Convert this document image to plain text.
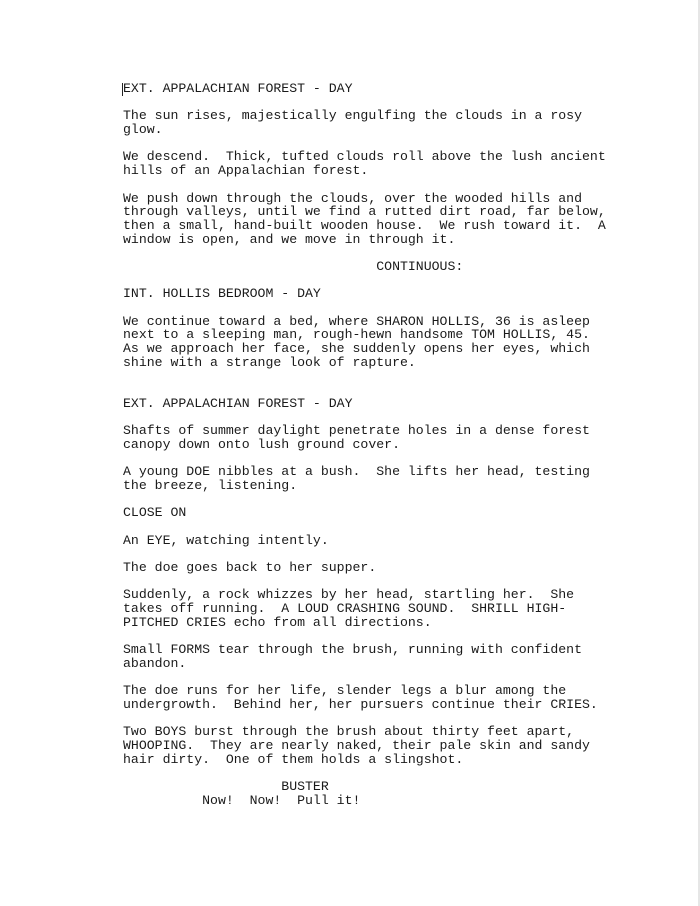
EXT. APPALACHIAN FOREST - DAY
The sun rises, majestically engulfing the clouds in a rosy
glow.
We descend.  Thick, tufted clouds roll above the lush ancient
hills of an Appalachian forest.
We push down through the clouds, over the wooded hills and
through valleys, until we find a rutted dirt road, far below,
then a small, hand-built wooden house.  We rush toward it.  A
window is open, and we move in through it.
CONTINUOUS:
INT. HOLLIS BEDROOM - DAY
We continue toward a bed, where SHARON HOLLIS, 36 is asleep
next to a sleeping man, rough-hewn handsome TOM HOLLIS, 45.
As we approach her face, she suddenly opens her eyes, which
shine with a strange look of rapture.
EXT. APPALACHIAN FOREST - DAY
Shafts of summer daylight penetrate holes in a dense forest
canopy down onto lush ground cover.
A young DOE nibbles at a bush.  She lifts her head, testing
the breeze, listening.
CLOSE ON
An EYE, watching intently.
The doe goes back to her supper.
Suddenly, a rock whizzes by her head, startling her.  She
takes off running.  A LOUD CRASHING SOUND.  SHRILL HIGH-
PITCHED CRIES echo from all directions.
Small FORMS tear through the brush, running with confident
abandon.
The doe runs for her life, slender legs a blur among the
undergrowth.  Behind her, her pursuers continue their CRIES.
Two BOYS burst through the brush about thirty feet apart,
WHOOPING.  They are nearly naked, their pale skin and sandy
hair dirty.  One of them holds a slingshot.
BUSTER
Now!  Now!  Pull it!
